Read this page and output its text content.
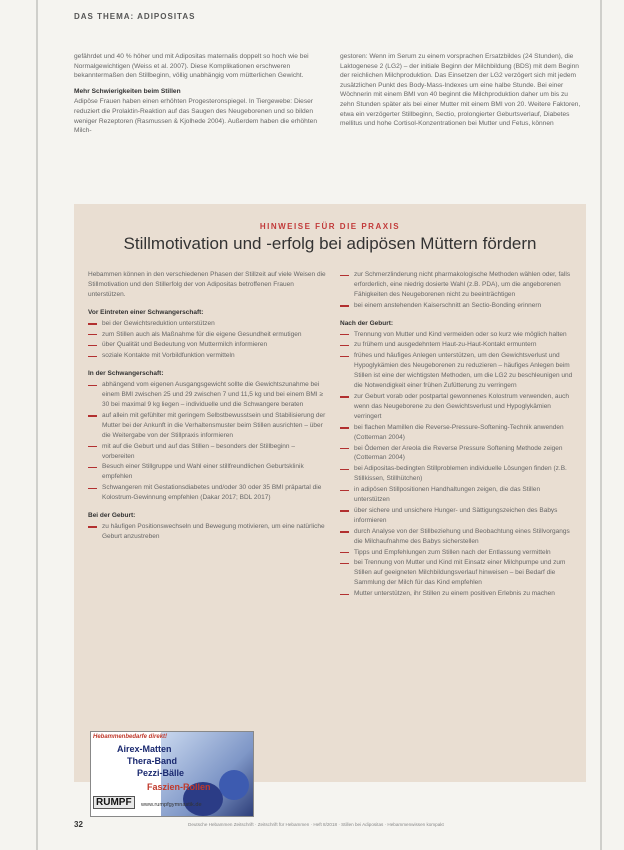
DAS THEMA: ADIPOSITAS

gefährdet und 40 % höher und mit Adipositas maternalis doppelt so hoch wie bei Normalgewichtigen (Weiss et al. 2007). Diese Komplikationen erschweren bekanntermaßen den Stillbeginn, völlig unabhängig vom mütterlichen Gewicht.

Mehr Schwierigkeiten beim Stillen

Adipöse Frauen haben einen erhöhten Progesteronspiegel. In Tiergewebe: Dieser reduziert die Prolaktin-Reaktion auf das Saugen des Neugeborenen und so bilden weniger Rezeptoren (Rasmussen & Kjolhede 2004). Außerdem haben die erhöhten Milch-

gestoren: Wenn im Serum zu einem vorsprachen Ersatzbildes (24 Stunden), die Laktogenese 2 (LG2) – der initiale Beginn der Milchbildung (BDS) mit dem Beginn der reichlichen Milchproduktion. Das Einsetzen der LG2 verzögert sich mit jedem zusätzlichen Punkt des Body-Mass-Indexes um eine halbe Stunde. Bei einer Wöchnerin mit einem BMI von 40 beginnt die Milchproduktion daher um bis zu zehn Stunden später als bei einer Mutter mit einem BMI von 20. Weitere Faktoren, etwa ein verzögerter Stillbeginn, Sectio, prolongierter Geburtsverlauf, Diabetes mellitus und hohe Cortisol-Konzentrationen bei Mutter und Fetus, können

HINWEISE FÜR DIE PRAXIS
Stillmotivation und -erfolg bei adipösen Müttern fördern

Hebammen können in den verschiedenen Phasen der Stillzeit auf viele Weisen die Stillmotivation und den Stillerfolg der von Adipositas betroffenen Frauen unterstützen.

Vor Eintreten einer Schwangerschaft:
bei der Gewichtsreduktion unterstützen
zum Stillen auch als Maßnahme für die eigene Gesundheit ermutigen
über Qualität und Bedeutung von Muttermilch informieren
soziale Kontakte mit Vorbildfunktion vermitteln
In der Schwangerschaft:
abhängend vom eigenen Ausgangsgewicht sollte die Gewichtszunahme bei einem BMI zwischen 25 und 29 zwischen 7 und 11,5 kg und bei einem BMI ≥ 30 bei maximal 9 kg liegen – individuelle und die Schwangere beraten
auf allein mit gefühlter mit geringem Selbstbewusstsein und Stabilisierung der Mutter bei der Ankunft in die Verhaltensmuster beim Stillen ausrichten – über die Weitergabe von der Stillpraxis informieren
mit auf die Geburt und auf das Stillen – besonders der Stillbeginn – vorbereiten
Besuch einer Stillgruppe und Wahl einer stillfreundlichen Geburtsklinik empfehlen
Schwangeren mit Gestationsdiabetes und/oder 30 oder 35 BMI präpartal die Kolostrum-Gewinnung empfehlen (Dakar 2017; BDL 2017)
Bei der Geburt:
zu häufigen Positionswechseln und Bewegung motivieren, um eine natürliche Geburt anzustreben
zur Schmerzlinderung nicht pharmakologische Methoden wählen oder, falls erforderlich, eine niedrig dosierte Wahl (z.B. PDA), um die angeborenen Fähigkeiten des Neugeborenen nicht zu beeinträchtigen
bei einem anstehenden Kaiserschnitt an Sectio-Bonding erinnern
Nach der Geburt:
Trennung von Mutter und Kind vermeiden oder so kurz wie möglich halten
zu frühem und ausgedehntem Haut-zu-Haut-Kontakt ermuntern
frühes und häufiges Anlegen unterstützen, um den Gewichtsverlust und Hypoglykämien des Neugeborenen zu reduzieren – häufiges Anlegen beim Stillen ist eine der wichtigsten Methoden, um die LG2 zu beschleunigen und die Notwendigkeit einer frühen Zufütterung zu verringern
zur Geburt vorab oder postpartal gewonnenes Kolostrum verwenden, auch wenn das Neugeborene zu den Gewichtsverlust und Hypoglykämien verringert
bei flachen Mamillen die Reverse-Pressure-Softening-Technik anwenden (Cotterman 2004)
bei Ödemen der Areola die Reverse Pressure Softening Methode zeigen (Cotterman 2004)
bei Adipositas-bedingten Stillproblemen individuelle Lösungen finden (z.B. Stillkissen, Stillhütchen)
in adipösen Stillpositionen Handhaltungen zeigen, die das Stillen unterstützen
über sichere und unsichere Hunger- und Sättigungszeichen des Babys informieren
durch Analyse von der Stillbeziehung und Beobachtung eines Stillvorgangs die Milchaufnahme des Babys sicherstellen
Tipps und Empfehlungen zum Stillen nach der Entlassung vermitteln
bei Trennung von Mutter und Kind mit Einsatz einer Milchpumpe und zum Stillen auf geeigneten Milchbildungsverlauf hinweisen – bei Bedarf die Sammlung der Milch für das Kind empfehlen
Mutter unterstützen, ihr Stillen zu einem positiven Erlebnis zu machen
Hebammenbedarfe direkt!
Airex-Matten
Thera-Band
Pezzi-Bälle
Faszien-Rollen
RUMPF	www.rumpfgymnastik.de
32	Deutsche Hebammen Zeitschrift · Zeitschrift für Hebammen · Heft 8/2018 · Stillen bei Adipositas · Hebammenwissen kompakt
